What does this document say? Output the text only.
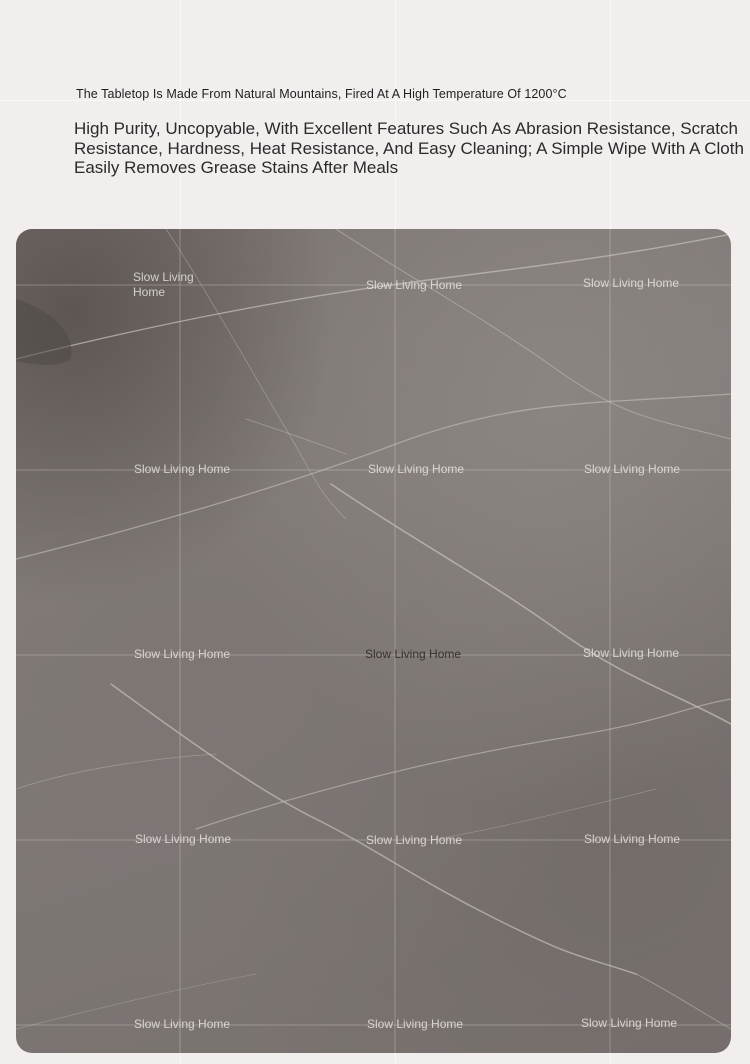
The Tabletop Is Made From Natural Mountains, Fired At A High Temperature Of 1200°C
High Purity, Uncopyable, With Excellent Features Such As Abrasion Resistance, Scratch Resistance, Hardness, Heat Resistance, And Easy Cleaning; A Simple Wipe With A Cloth Easily Removes Grease Stains After Meals
Slow Living Home	Slow Living Home	Slow Living Home
Slow Living Home	Slow Living Home	Slow Living Home
Slow Living Home	Slow Living Home	Slow Living Home
Slow Living Home	Slow Living Home	Slow Living Home
Slow Living Home	Slow Living Home	Slow Living Home
